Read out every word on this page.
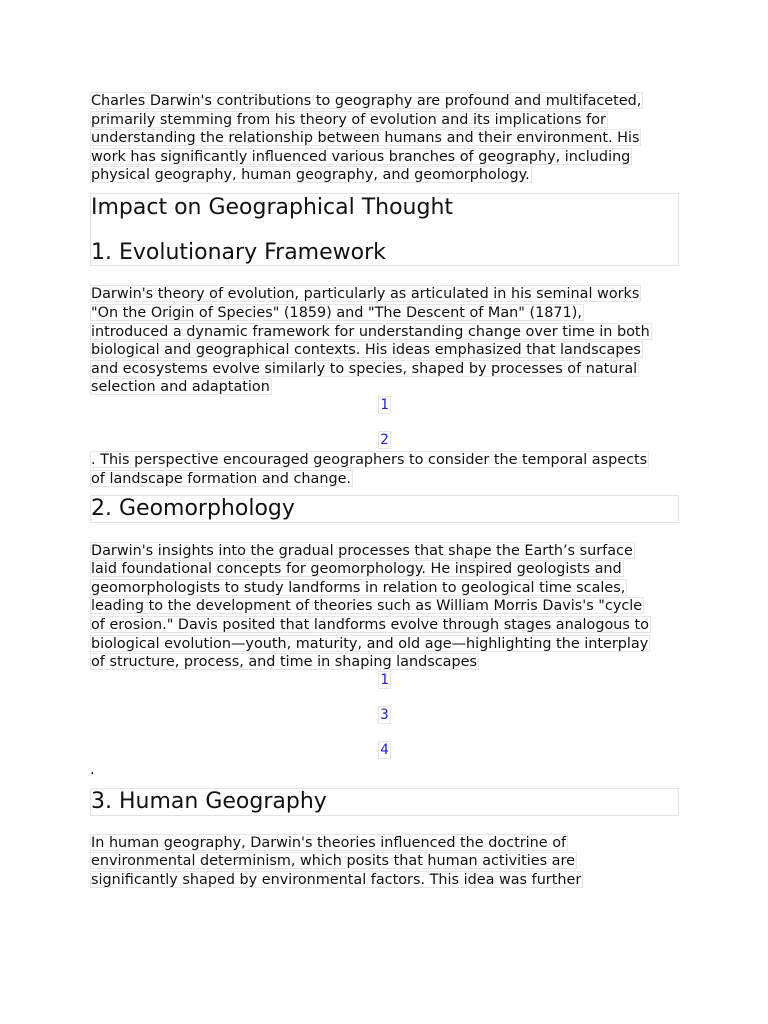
Charles Darwin's contributions to geography are profound and multifaceted,
primarily stemming from his theory of evolution and its implications for
understanding the relationship between humans and their environment. His
work has significantly influenced various branches of geography, including
physical geography, human geography, and geomorphology.
Impact on Geographical Thought
1. Evolutionary Framework
Darwin's theory of evolution, particularly as articulated in his seminal works
"On the Origin of Species" (1859) and "The Descent of Man" (1871),
introduced a dynamic framework for understanding change over time in both
biological and geographical contexts. His ideas emphasized that landscapes
and ecosystems evolve similarly to species, shaped by processes of natural
selection and adaptation
1
2
. This perspective encouraged geographers to consider the temporal aspects
of landscape formation and change.
2. Geomorphology
Darwin's insights into the gradual processes that shape the Earth’s surface
laid foundational concepts for geomorphology. He inspired geologists and
geomorphologists to study landforms in relation to geological time scales,
leading to the development of theories such as William Morris Davis's "cycle
of erosion." Davis posited that landforms evolve through stages analogous to
biological evolution—youth, maturity, and old age—highlighting the interplay
of structure, process, and time in shaping landscapes
1
3
4
.
3. Human Geography
In human geography, Darwin's theories influenced the doctrine of
environmental determinism, which posits that human activities are
significantly shaped by environmental factors. This idea was further
